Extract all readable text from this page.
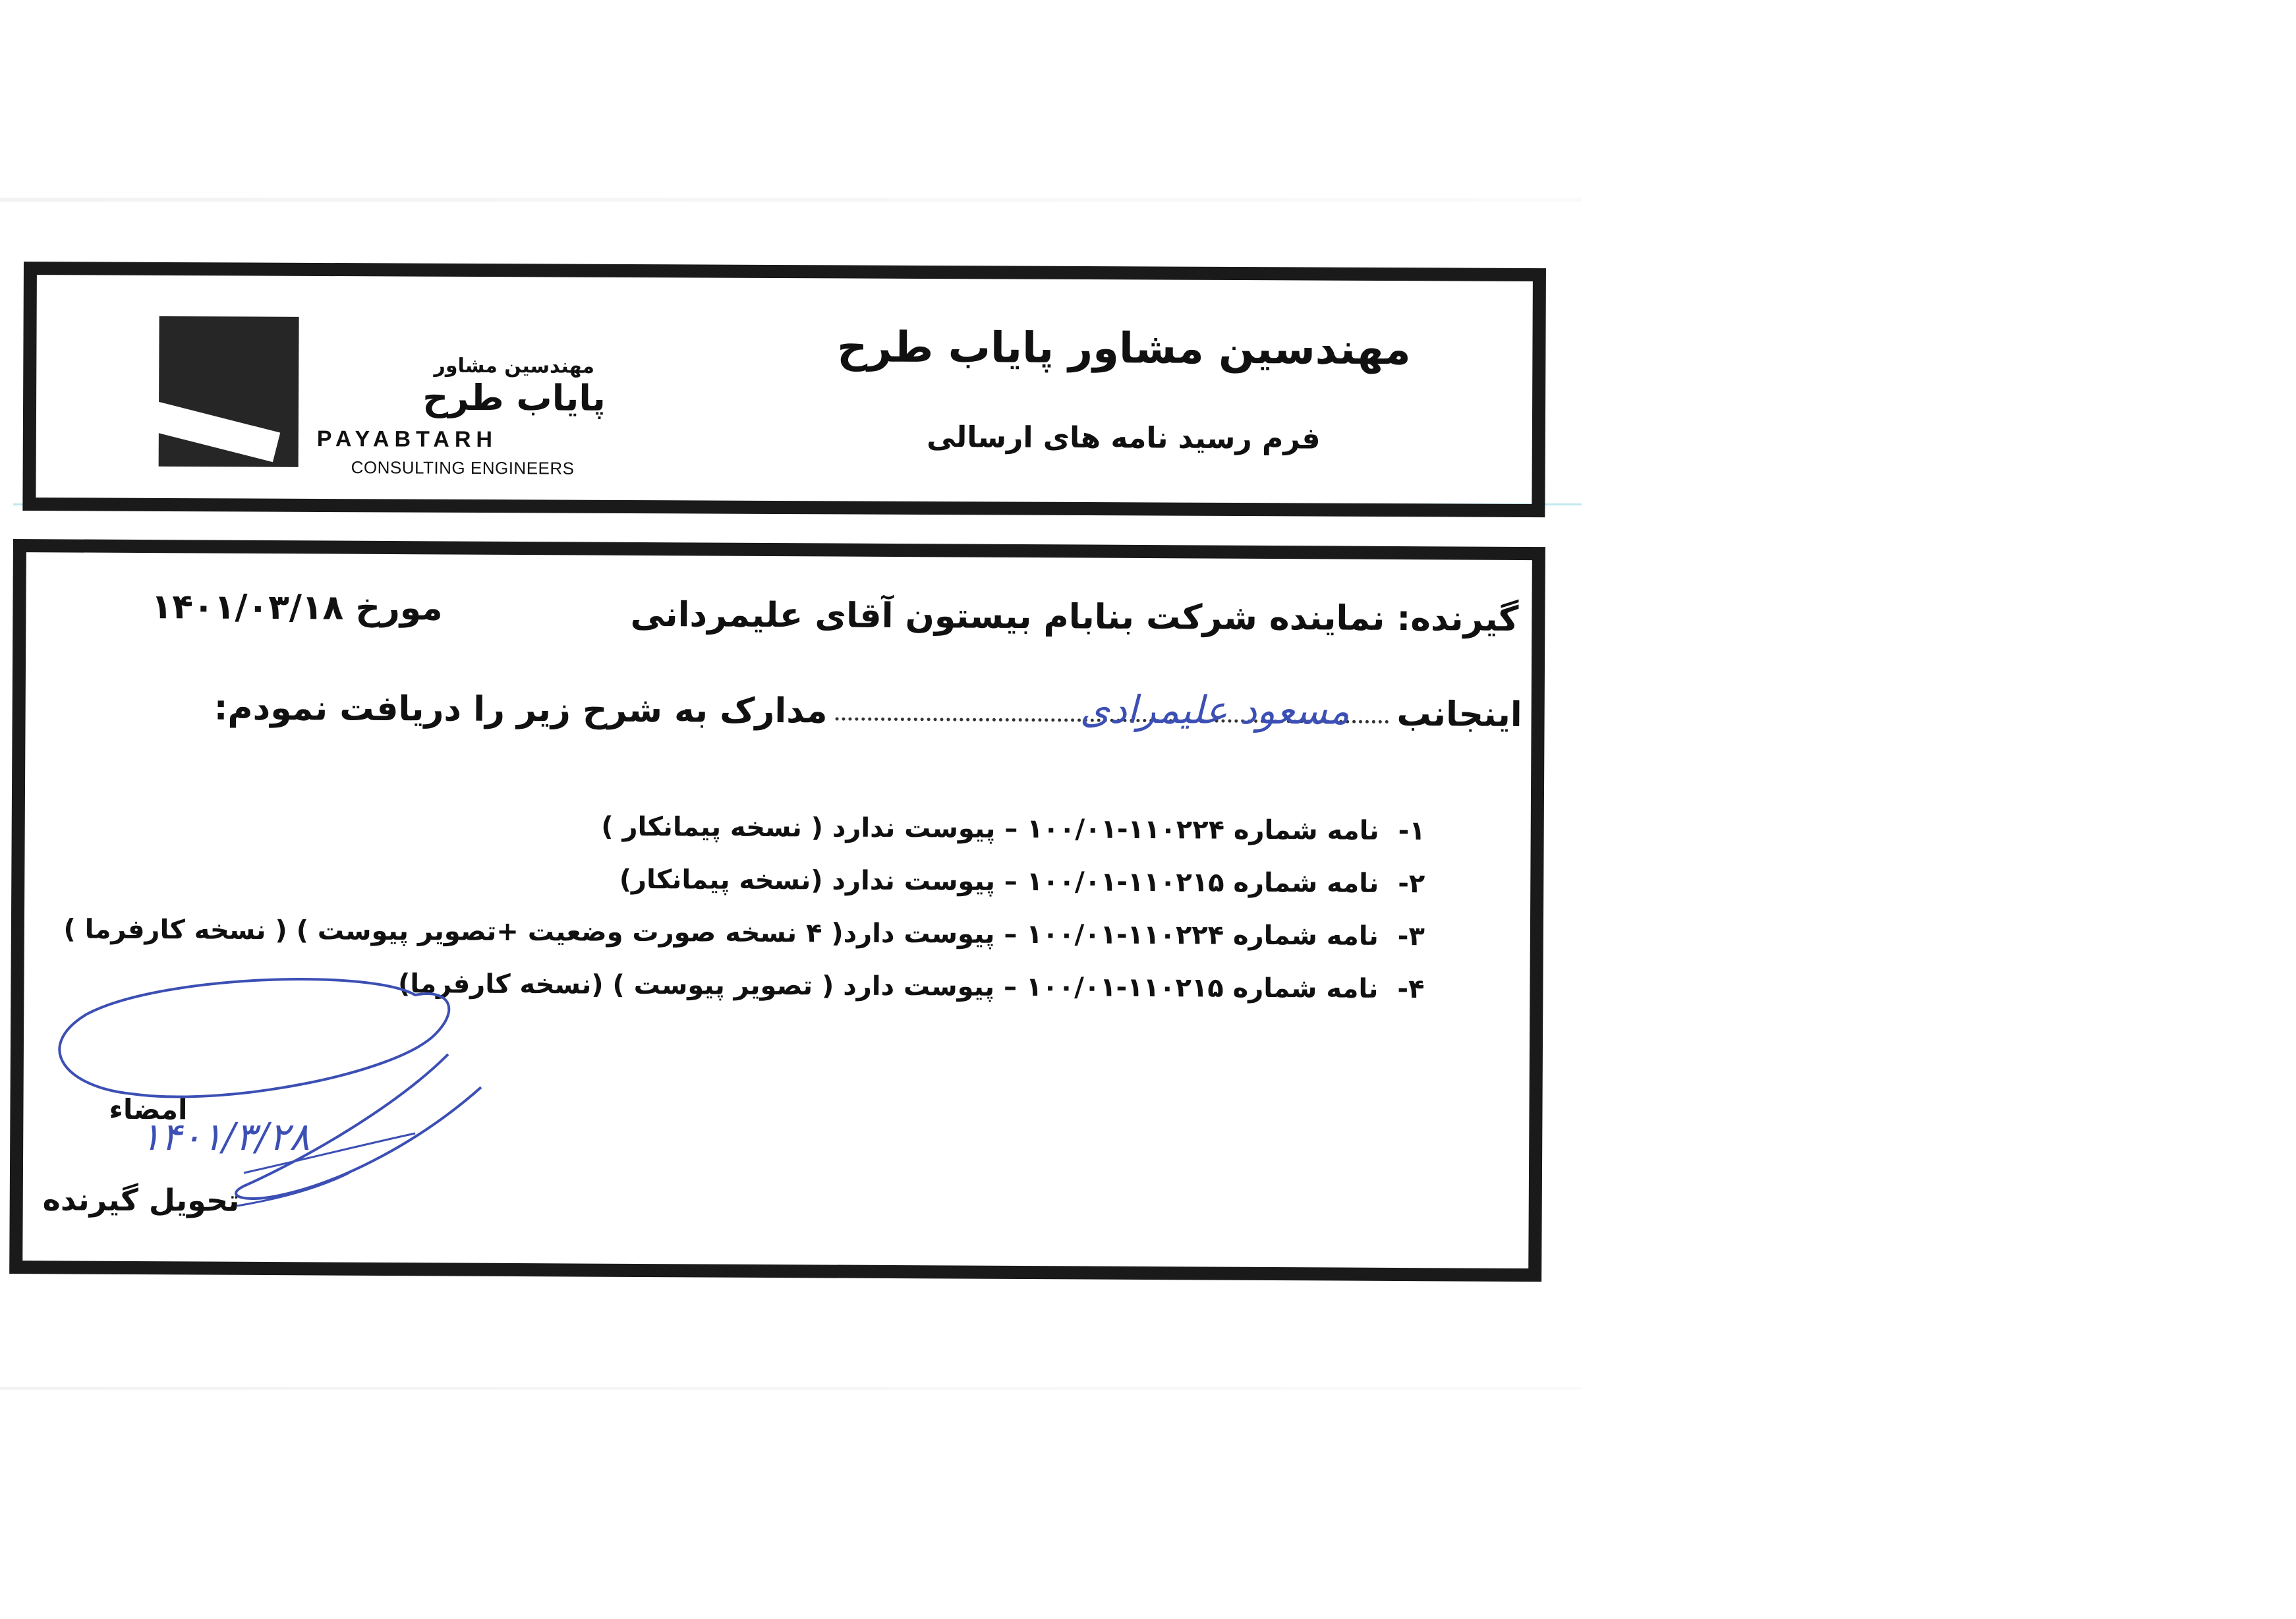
مهندسین مشاور
پایاب طرح
PAYABTARH
CONSULTING ENGINEERS
مهندسین مشاور پایاب طرح
فرم رسید نامه های ارسالی
گیرنده: نماینده شرکت بنابام بیستون آقای علیمردانی
مورخ ۱۴۰۱/۰۳/۱۸
اینجانبمدارک به شرح زیر را دریافت نمودم:	مسعود علیمرادی
۱-نامه شماره ۱۱۰۲۲۴-۱۰۰/۰۱ – پیوست ندارد ( نسخه پیمانکار )
۲-نامه شماره ۱۱۰۲۱۵-۱۰۰/۰۱ – پیوست ندارد (نسخه پیمانکار)
۳-نامه شماره ۱۱۰۲۲۴-۱۰۰/۰۱ – پیوست دارد( ۴ نسخه صورت وضعیت +تصویر پیوست ) ( نسخه کارفرما )
۴-نامه شماره ۱۱۰۲۱۵-۱۰۰/۰۱ – پیوست دارد ( تصویر پیوست ) (نسخه کارفرما)
امضاء
تحویل گیرنده
۱۴۰۱/۳/۲۸
